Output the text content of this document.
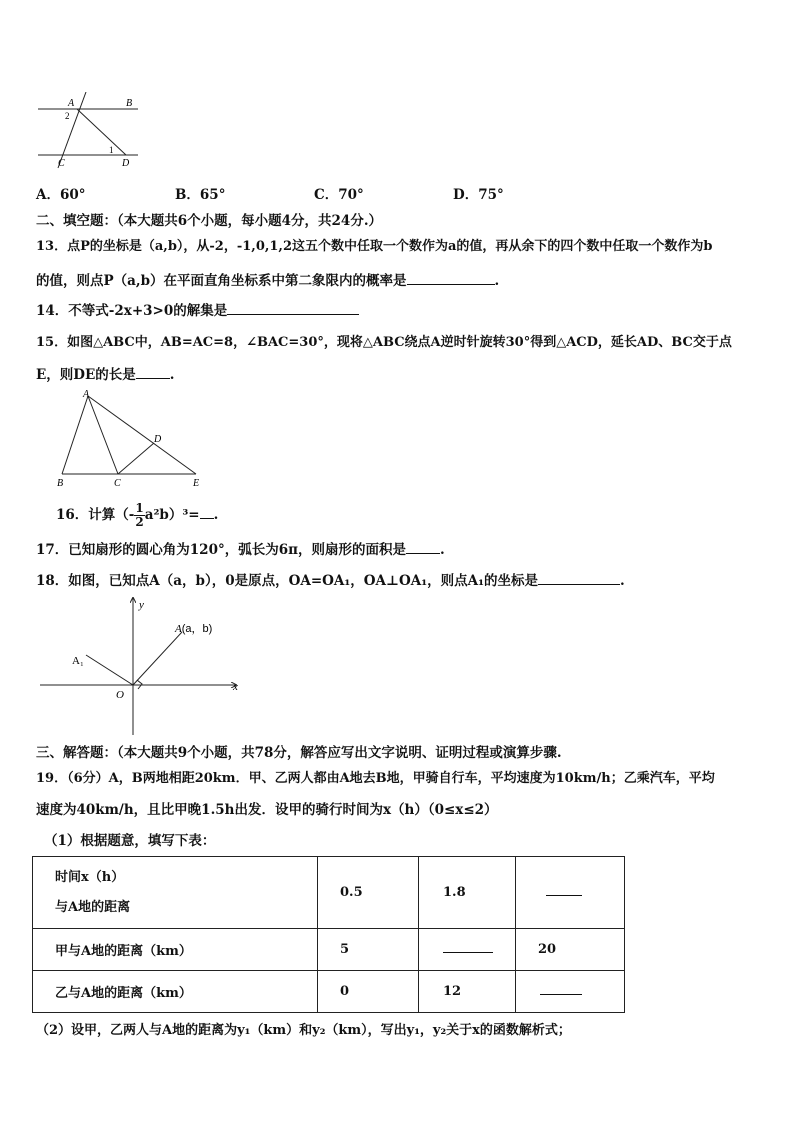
A	B
C	D
1
2
A．60°	B．65°	C．70°	D．75°
二、填空题：（本大题共6个小题，每小题4分，共24分.）
13．点P的坐标是（a,b），从-2，-1,0,1,2这五个数中任取一个数作为a的值，再从余下的四个数中任取一个数作为b
的值，则点P（a,b）在平面直角坐标系中第二象限内的概率是	.
14．不等式-2x+3>0的解集是
15．如图△ABC中，AB=AC=8，∠BAC=30°，现将△ABC绕点A逆时针旋转30°得到△ACD，延长AD、BC交于点
E，则DE的长是	.
A
B	C
D
E
16．计算（- $\frac{1}{2} a^2b)^3=$ .
17．已知扇形的圆心角为120°，弧长为6π，则扇形的面积是	.
18．如图，已知点A（a，b），0是原点，OA=OA₁，OA⊥OA₁，则点A₁的坐标是	.
y
x
O
A(a，b)
A₁
三、解答题：（本大题共9个小题，共78分，解答应写出文字说明、证明过程或演算步骤.
19．（6分）A，B两地相距20km．甲、乙两人都由A地去B地，甲骑自行车，平均速度为10km/h；乙乘汽车，平均
速度为40km/h，且比甲晚1.5h出发．设甲的骑行时间为x（h）（0≤x≤2）
（1）根据题意，填写下表：
时间x（h）
与A地的距离	0.5	1.8	
甲与A地的距离（km）	5		20
乙与A地的距离（km）	0	12	
（2）设甲，乙两人与A地的距离为y₁（km）和y₂（km），写出y₁，y₂关于x的函数解析式；
